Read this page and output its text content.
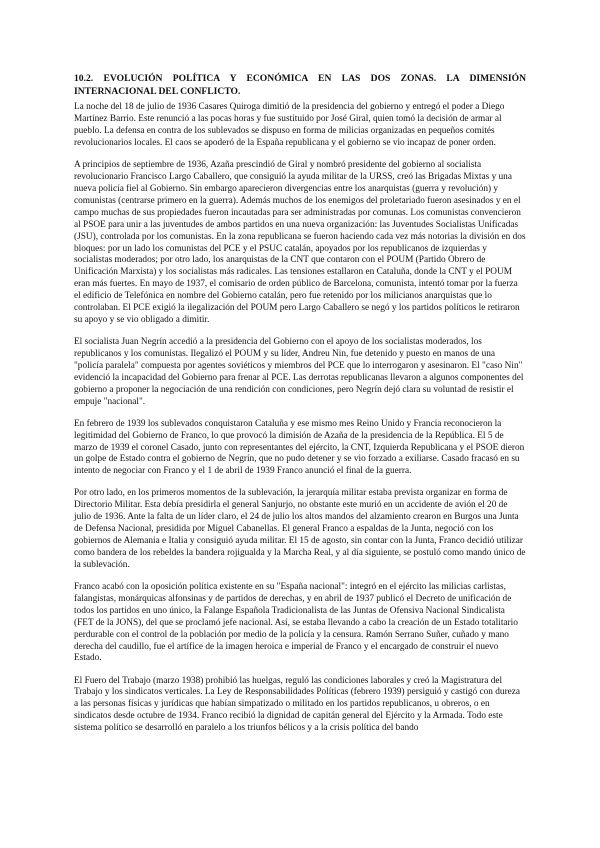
10.2. EVOLUCIÓN POLÍTICA Y ECONÓMICA EN LAS DOS ZONAS. LA DIMENSIÓN INTERNACIONAL DEL CONFLICTO.

La noche del 18 de julio de 1936 Casares Quiroga dimitió de la presidencia del gobierno y entregó el poder a Diego Martínez Barrio. Este renunció a las pocas horas y fue sustituido por José Giral, quien tomó la decisión de armar al pueblo. La defensa en contra de los sublevados se dispuso en forma de milicias organizadas en pequeños comités revolucionarios locales. El caos se apoderó de la España republicana y el gobierno se vio incapaz de poner orden.

A principios de septiembre de 1936, Azaña prescindió de Giral y nombró presidente del gobierno al socialista revolucionario Francisco Largo Caballero, que consiguió la ayuda militar de la URSS, creó las Brigadas Mixtas y una nueva policía fiel al Gobierno. Sin embargo aparecieron divergencias entre los anarquistas (guerra y revolución) y comunistas (centrarse primero en la guerra). Además muchos de los enemigos del proletariado fueron asesinados y en el campo muchas de sus propiedades fueron incautadas para ser administradas por comunas. Los comunistas convencieron al PSOE para unir a las juventudes de ambos partidos en una nueva organización: las Juventudes Socialistas Unificadas (JSU), controlada por los comunistas. En la zona republicana se fueron haciendo cada vez más notorias la división en dos bloques: por un lado los comunistas del PCE y el PSUC catalán, apoyados por los republicanos de izquierdas y socialistas moderados; por otro lado, los anarquistas de la CNT que contaron con el POUM (Partido Obrero de Unificación Marxista) y los socialistas más radicales. Las tensiones estallaron en Cataluña, donde la CNT y el POUM eran más fuertes. En mayo de 1937, el comisario de orden público de Barcelona, comunista, intentó tomar por la fuerza el edificio de Telefónica en nombre del Gobierno catalán, pero fue retenido por los milicianos anarquistas que lo controlaban. El PCE exigió la ilegalización del POUM pero Largo Caballero se negó y los partidos políticos le retiraron su apoyo y se vio obligado a dimitir.

El socialista Juan Negrín accedió a la presidencia del Gobierno con el apoyo de los socialistas moderados, los republicanos y los comunistas. Ilegalizó el POUM y su líder, Andreu Nin, fue detenido y puesto en manos de una "policía paralela" compuesta por agentes soviéticos y miembros del PCE que lo interrogaron y asesinaron. El "caso Nin" evidenció la incapacidad del Gobierno para frenar al PCE. Las derrotas republicanas llevaron a algunos componentes del gobierno a proponer la negociación de una rendición con condiciones, pero Negrín dejó clara su voluntad de resistir el empuje "nacional".

En febrero de 1939 los sublevados conquistaron Cataluña y ese mismo mes Reino Unido y Francia reconocieron la legitimidad del Gobierno de Franco, lo que provocó la dimisión de Azaña de la presidencia de la República. El 5 de marzo de 1939 el coronel Casado, junto con representantes del ejército, la CNT, Izquierda Republicana y el PSOE dieron un golpe de Estado contra el gobierno de Negrín, que no pudo detener y se vio forzado a exiliarse. Casado fracasó en su intento de negociar con Franco y el 1 de abril de 1939 Franco anunció el final de la guerra.

Por otro lado, en los primeros momentos de la sublevación, la jerarquía militar estaba prevista organizar en forma de Directorio Militar. Esta debía presidirla el general Sanjurjo, no obstante este murió en un accidente de avión el 20 de julio de 1936. Ante la falta de un líder claro, el 24 de julio los altos mandos del alzamiento crearon en Burgos una Junta de Defensa Nacional, presidida por Miguel Cabanellas. El general Franco a espaldas de la Junta, negoció con los gobiernos de Alemania e Italia y consiguió ayuda militar. El 15 de agosto, sin contar con la Junta, Franco decidió utilizar como bandera de los rebeldes la bandera rojigualda y la Marcha Real, y al día siguiente, se postuló como mando único de la sublevación.

Franco acabó con la oposición política existente en su "España nacional": integró en el ejército las milicias carlistas, falangistas, monárquicas alfonsinas y de partidos de derechas, y en abril de 1937 publicó el Decreto de unificación de todos los partidos en uno único, la Falange Española Tradicionalista de las Juntas de Ofensiva Nacional Sindicalista (FET de la JONS), del que se proclamó jefe nacional. Así, se estaba llevando a cabo la creación de un Estado totalitario perdurable con el control de la población por medio de la policía y la censura. Ramón Serrano Suñer, cuñado y mano derecha del caudillo, fue el artífice de la imagen heroica e imperial de Franco y el encargado de construir el nuevo Estado.

El Fuero del Trabajo (marzo 1938) prohibió las huelgas, reguló las condiciones laborales y creó la Magistratura del Trabajo y los sindicatos verticales. La Ley de Responsabilidades Políticas (febrero 1939) persiguió y castigó con dureza a las personas físicas y jurídicas que habían simpatizado o militado en los partidos republicanos, u obreros, o en sindicatos desde octubre de 1934. Franco recibió la dignidad de capitán general del Ejército y la Armada. Todo este sistema político se desarrolló en paralelo a los triunfos bélicos y a la crisis política del bando
